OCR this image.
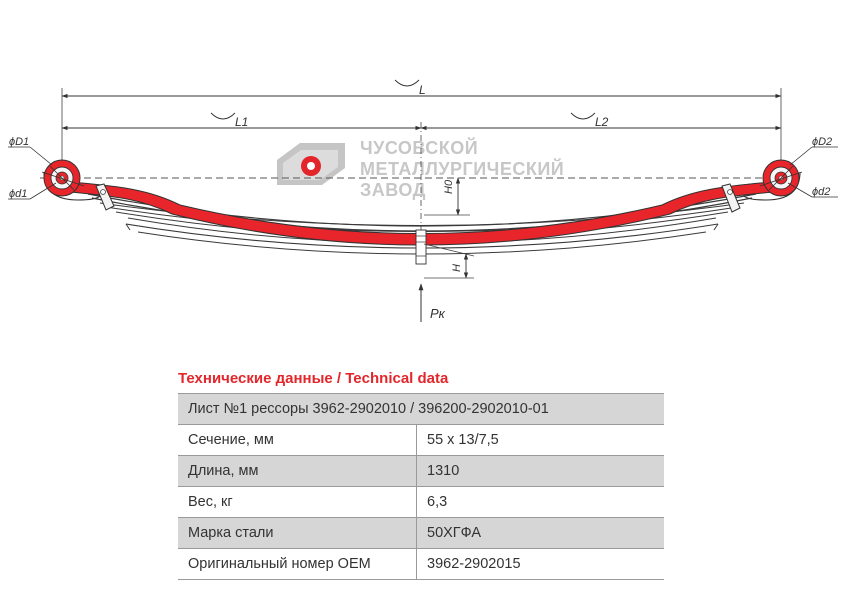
ЧУСОВСКОЙ
МЕТАЛЛУРГИЧЕСКИЙ
ЗАВОД
L
L1	L2
ϕD1
ϕd1
ϕD2
ϕd2
H0
H
Pк
Технические данные / Technical data
Лист №1 рессоры 3962-2902010 / 396200-2902010-01	
Сечение, мм	55 х 13/7,5
Длина, мм	1310
Вес, кг	6,3
Марка стали	50ХГФА
Оригинальный номер OEM	3962-2902015
